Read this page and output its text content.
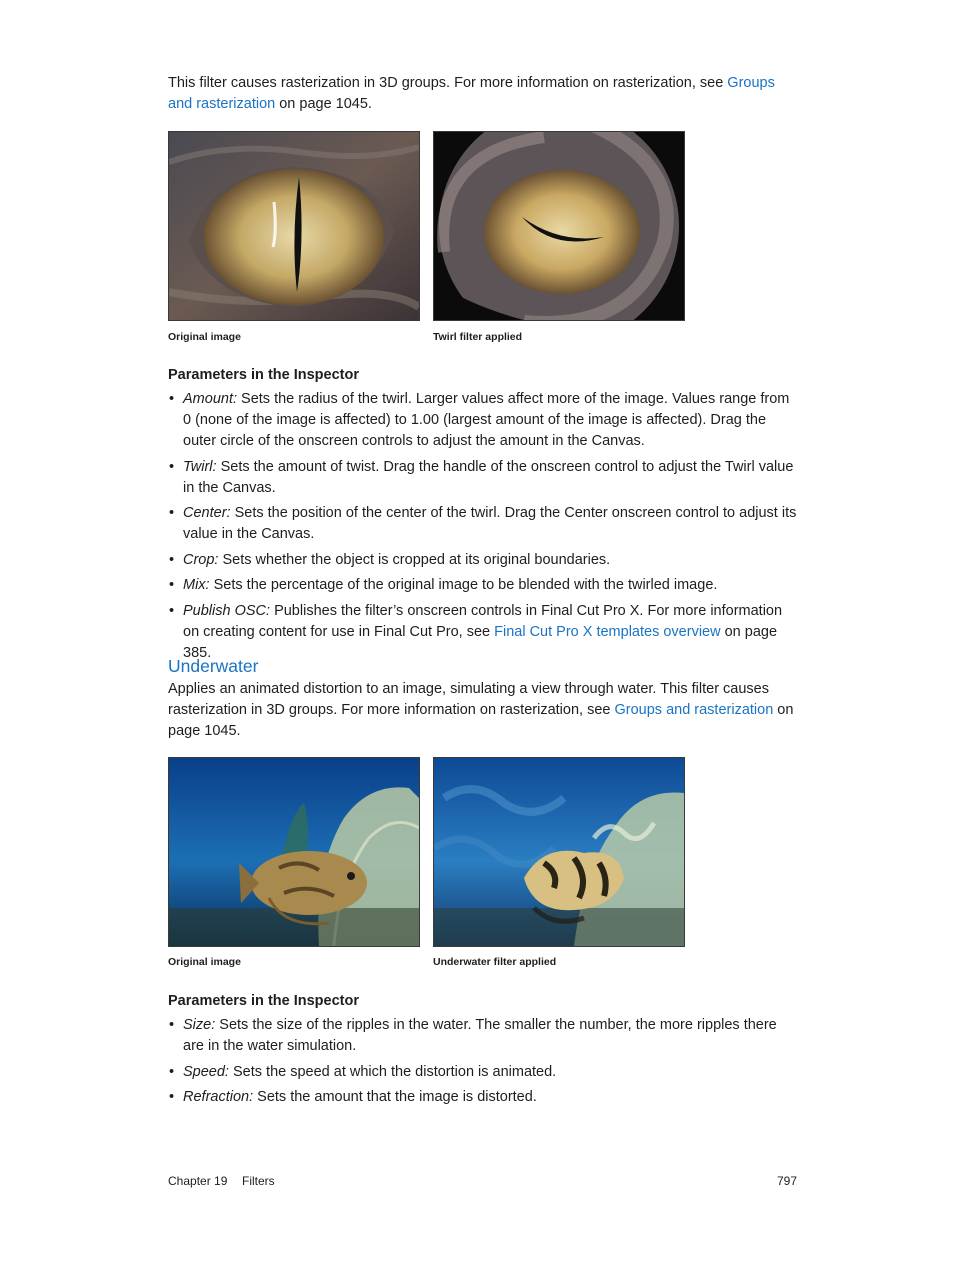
This filter causes rasterization in 3D groups. For more information on rasterization, see Groups and rasterization on page 1045.
Original image	Twirl filter applied
Parameters in the Inspector
• Amount: Sets the radius of the twirl. Larger values affect more of the image. Values range from 0 (none of the image is affected) to 1.00 (largest amount of the image is affected). Drag the outer circle of the onscreen controls to adjust the amount in the Canvas.
• Twirl: Sets the amount of twist. Drag the handle of the onscreen control to adjust the Twirl value in the Canvas.
• Center: Sets the position of the center of the twirl. Drag the Center onscreen control to adjust its value in the Canvas.
• Crop: Sets whether the object is cropped at its original boundaries.
• Mix: Sets the percentage of the original image to be blended with the twirled image.
• Publish OSC: Publishes the filter’s onscreen controls in Final Cut Pro X. For more information on creating content for use in Final Cut Pro, see Final Cut Pro X templates overview on page 385.
Underwater
Applies an animated distortion to an image, simulating a view through water. This filter causes rasterization in 3D groups. For more information on rasterization, see Groups and rasterization on page 1045.
Original image	Underwater filter applied
Parameters in the Inspector
• Size: Sets the size of the ripples in the water. The smaller the number, the more ripples there are in the water simulation.
• Speed: Sets the speed at which the distortion is animated.
• Refraction: Sets the amount that the image is distorted.
Chapter 19 Filters	797
